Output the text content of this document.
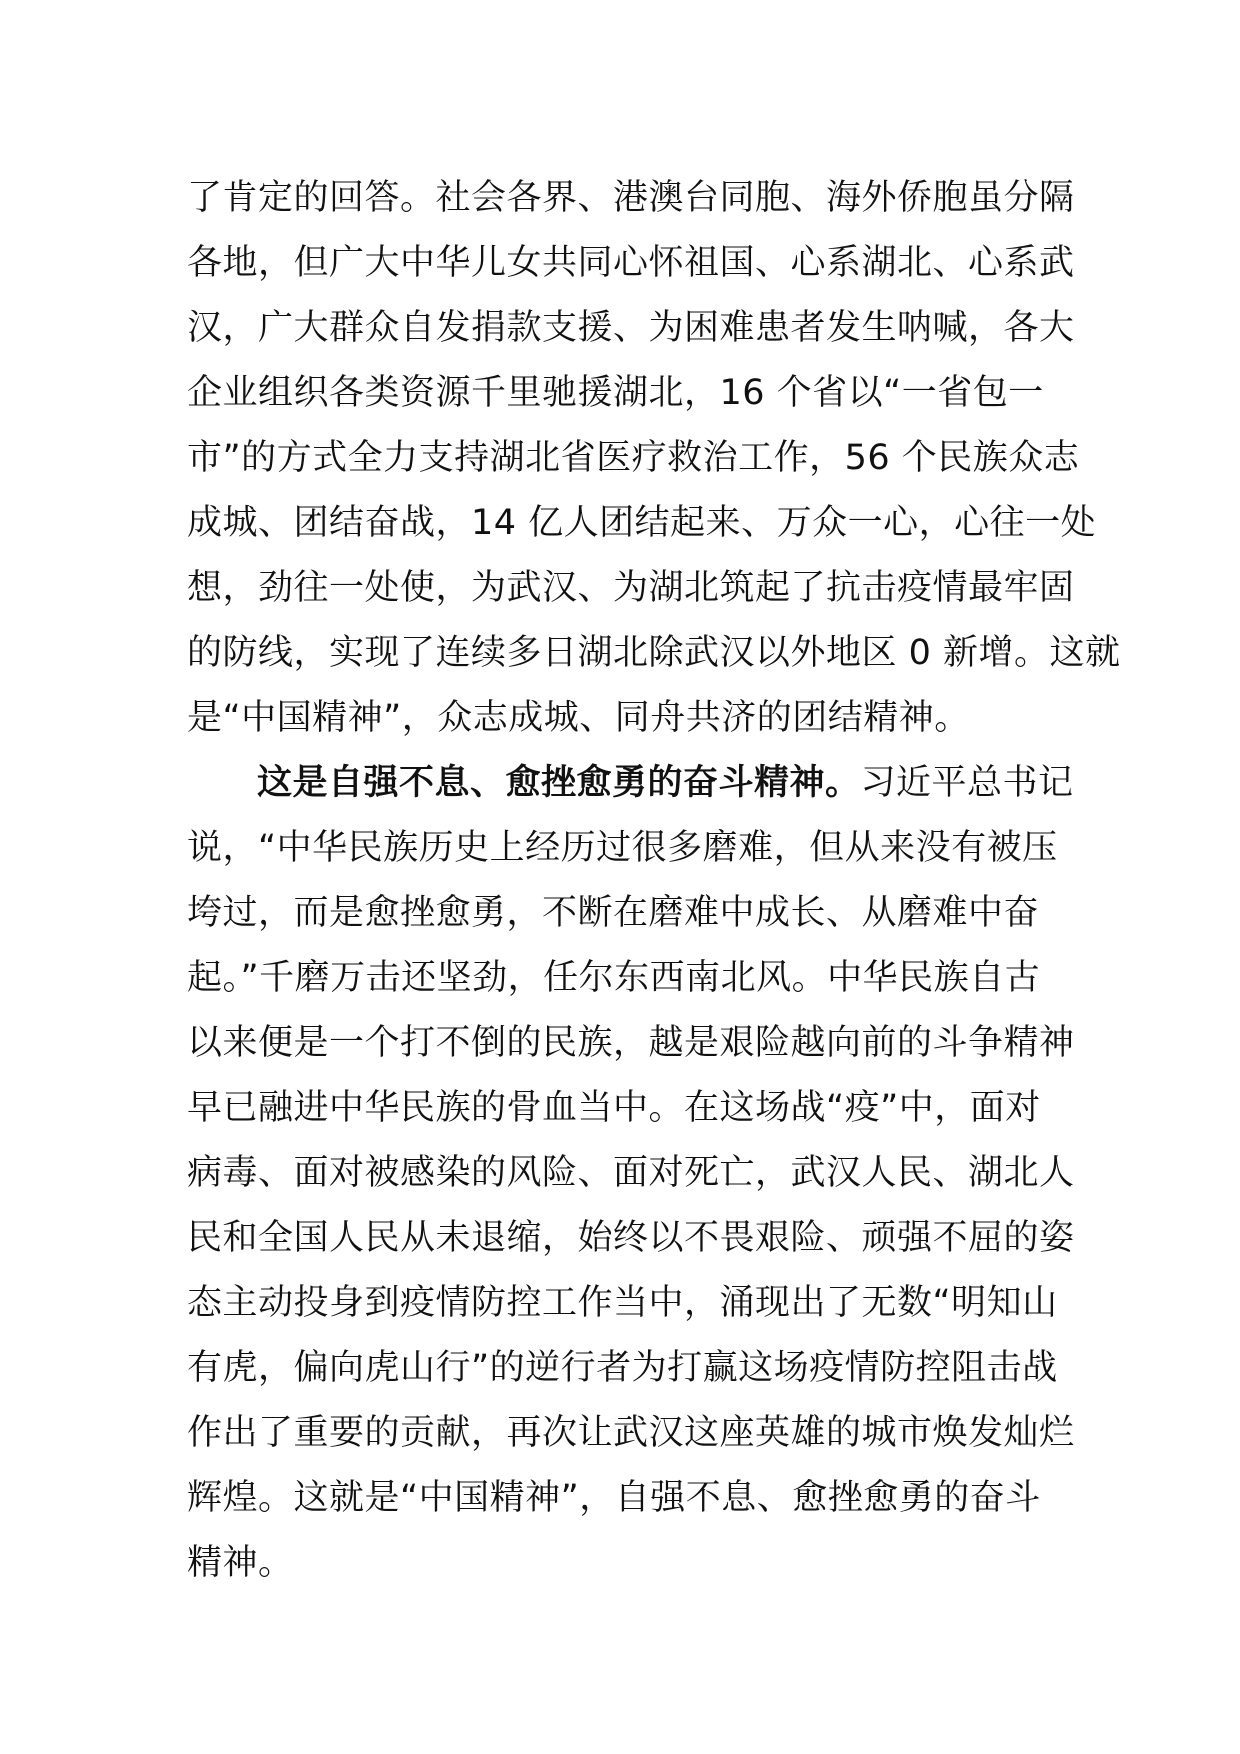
了肯定的回答。社会各界、港澳台同胞、海外侨胞虽分隔
各地，但广大中华儿女共同心怀祖国、心系湖北、心系武
汉，广大群众自发捐款支援、为困难患者发生呐喊，各大
企业组织各类资源千里驰援湖北，16 个省以“一省包一
市”的方式全力支持湖北省医疗救治工作，56 个民族众志
成城、团结奋战，14 亿人团结起来、万众一心，心往一处
想，劲往一处使，为武汉、为湖北筑起了抗击疫情最牢固
的防线，实现了连续多日湖北除武汉以外地区 0 新增。这就
是“中国精神”，众志成城、同舟共济的团结精神。
这是自强不息、愈挫愈勇的奋斗精神。习近平总书记
说，“中华民族历史上经历过很多磨难，但从来没有被压
垮过，而是愈挫愈勇，不断在磨难中成长、从磨难中奋
起。”千磨万击还坚劲，任尔东西南北风。中华民族自古
以来便是一个打不倒的民族，越是艰险越向前的斗争精神
早已融进中华民族的骨血当中。在这场战“疫”中，面对
病毒、面对被感染的风险、面对死亡，武汉人民、湖北人
民和全国人民从未退缩，始终以不畏艰险、顽强不屈的姿
态主动投身到疫情防控工作当中，涌现出了无数“明知山
有虎，偏向虎山行”的逆行者为打赢这场疫情防控阻击战
作出了重要的贡献，再次让武汉这座英雄的城市焕发灿烂
辉煌。这就是“中国精神”，自强不息、愈挫愈勇的奋斗
精神。
